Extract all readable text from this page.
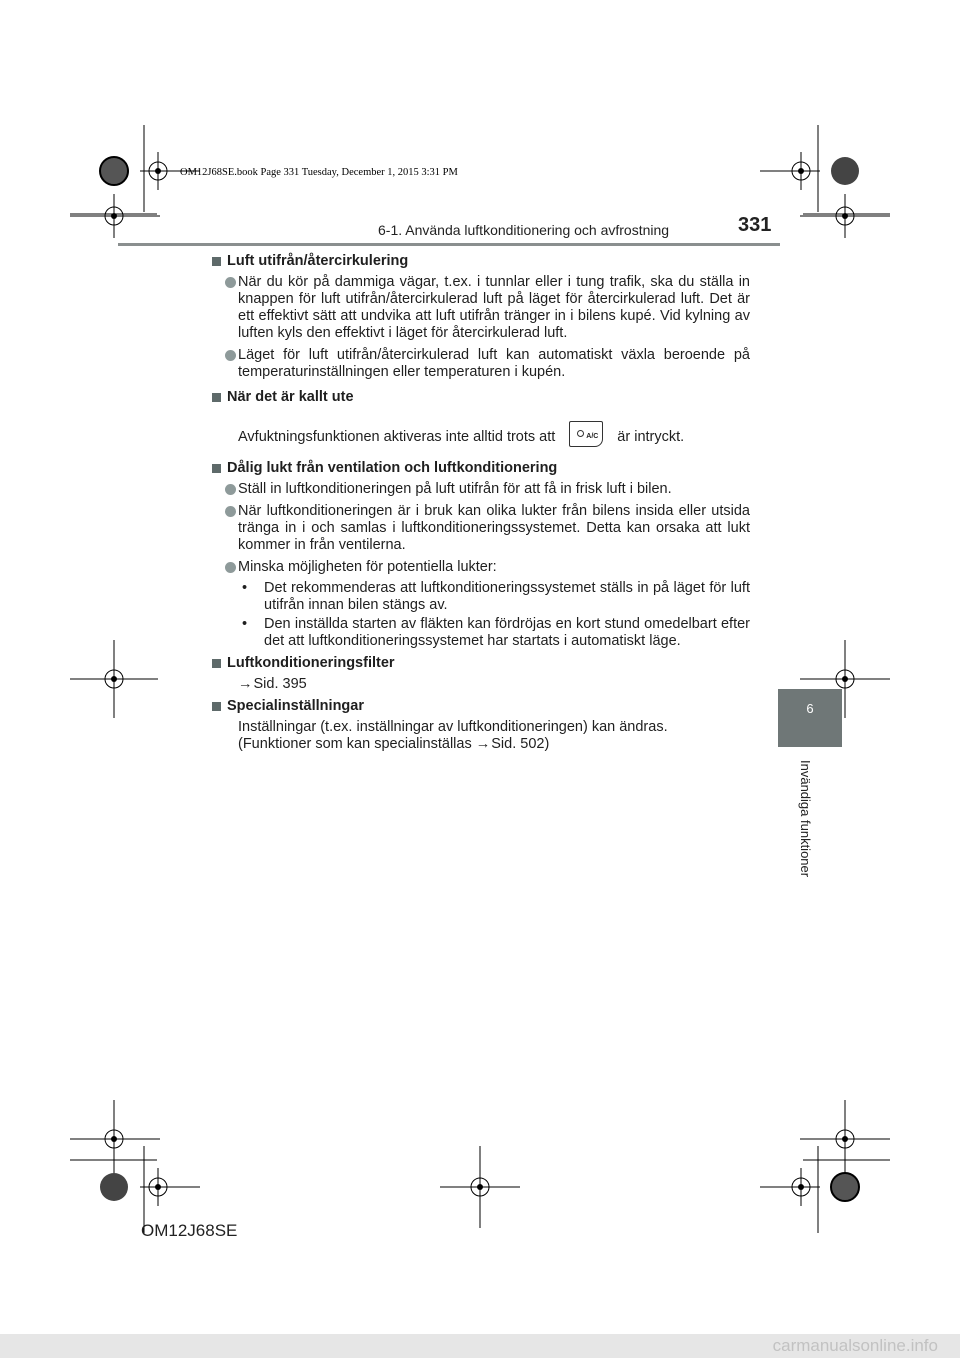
OM12J68SE.book Page 331 Tuesday, December 1, 2015 3:31 PM
6-1. Använda luftkonditionering och avfrostning	331
6
Invändiga funktioner
Luft utifrån/återcirkulering
När du kör på dammiga vägar, t.ex. i tunnlar eller i tung trafik, ska du ställa in knappen för luft utifrån/återcirkulerad luft på läget för återcirkulerad luft. Det är ett effektivt sätt att undvika att luft utifrån tränger in i bilens kupé. Vid kylning av luften kyls den effektivt i läget för återcirkulerad luft.
Läget för luft utifrån/återcirkulerad luft kan automatiskt växla beroende på temperaturinställningen eller temperaturen i kupén.
När det är kallt ute
Avfuktningsfunktionen aktiveras inte alltid trots att	A/C är intryckt.
Dålig lukt från ventilation och luftkonditionering
Ställ in luftkonditioneringen på luft utifrån för att få in frisk luft i bilen.
När luftkonditioneringen är i bruk kan olika lukter från bilens insida eller utsida tränga in i och samlas i luftkonditioneringssystemet. Detta kan orsaka att lukt kommer in från ventilerna.
Minska möjligheten för potentiella lukter:
• Det rekommenderas att luftkonditioneringssystemet ställs in på läget för luft utifrån innan bilen stängs av.
• Den inställda starten av fläkten kan fördröjas en kort stund omedelbart efter det att luftkonditioneringssystemet har startats i automatiskt läge.
Luftkonditioneringsfilter
→Sid. 395
Specialinställningar
Inställningar (t.ex. inställningar av luftkonditioneringen) kan ändras.
(Funktioner som kan specialinställas →Sid. 502)
OM12J68SE
carmanualsonline.info
